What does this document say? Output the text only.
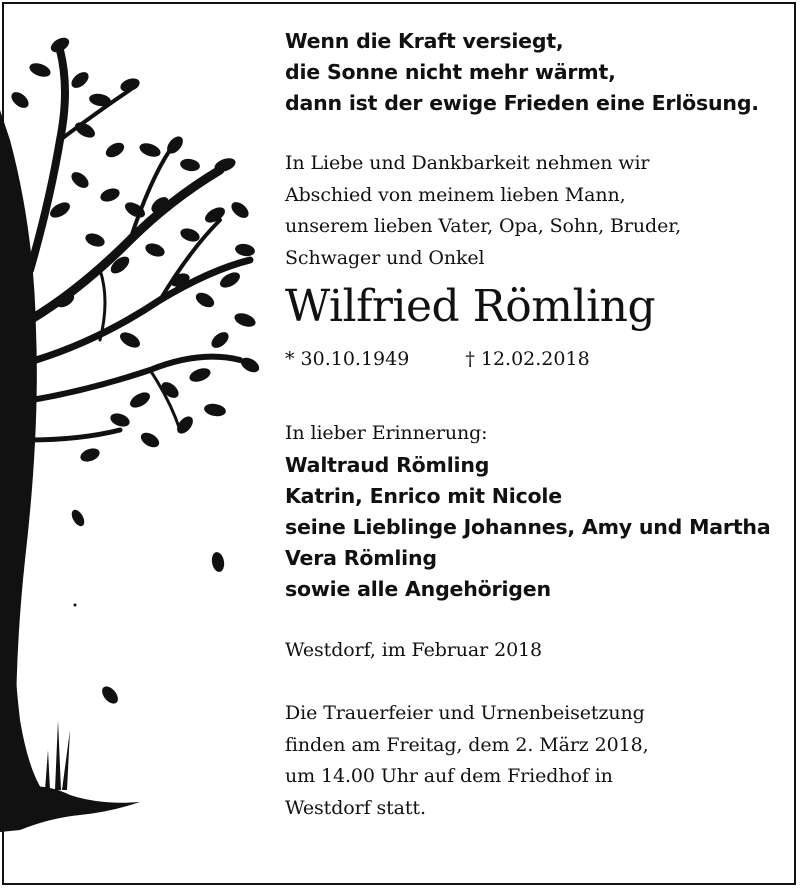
Wenn die Kraft versiegt,
die Sonne nicht mehr wärmt,
dann ist der ewige Frieden eine Erlösung.
In Liebe und Dankbarkeit nehmen wir
Abschied von meinem lieben Mann,
unserem lieben Vater, Opa, Sohn, Bruder,
Schwager und Onkel
Wilfried Römling
* 30.10.1949	† 12.02.2018
In lieber Erinnerung:
Waltraud Römling
Katrin, Enrico mit Nicole
seine Lieblinge Johannes, Amy und Martha
Vera Römling
sowie alle Angehörigen
Westdorf, im Februar 2018
Die Trauerfeier und Urnenbeisetzung
finden am Freitag, dem 2. März 2018,
um 14.00 Uhr auf dem Friedhof in
Westdorf statt.
